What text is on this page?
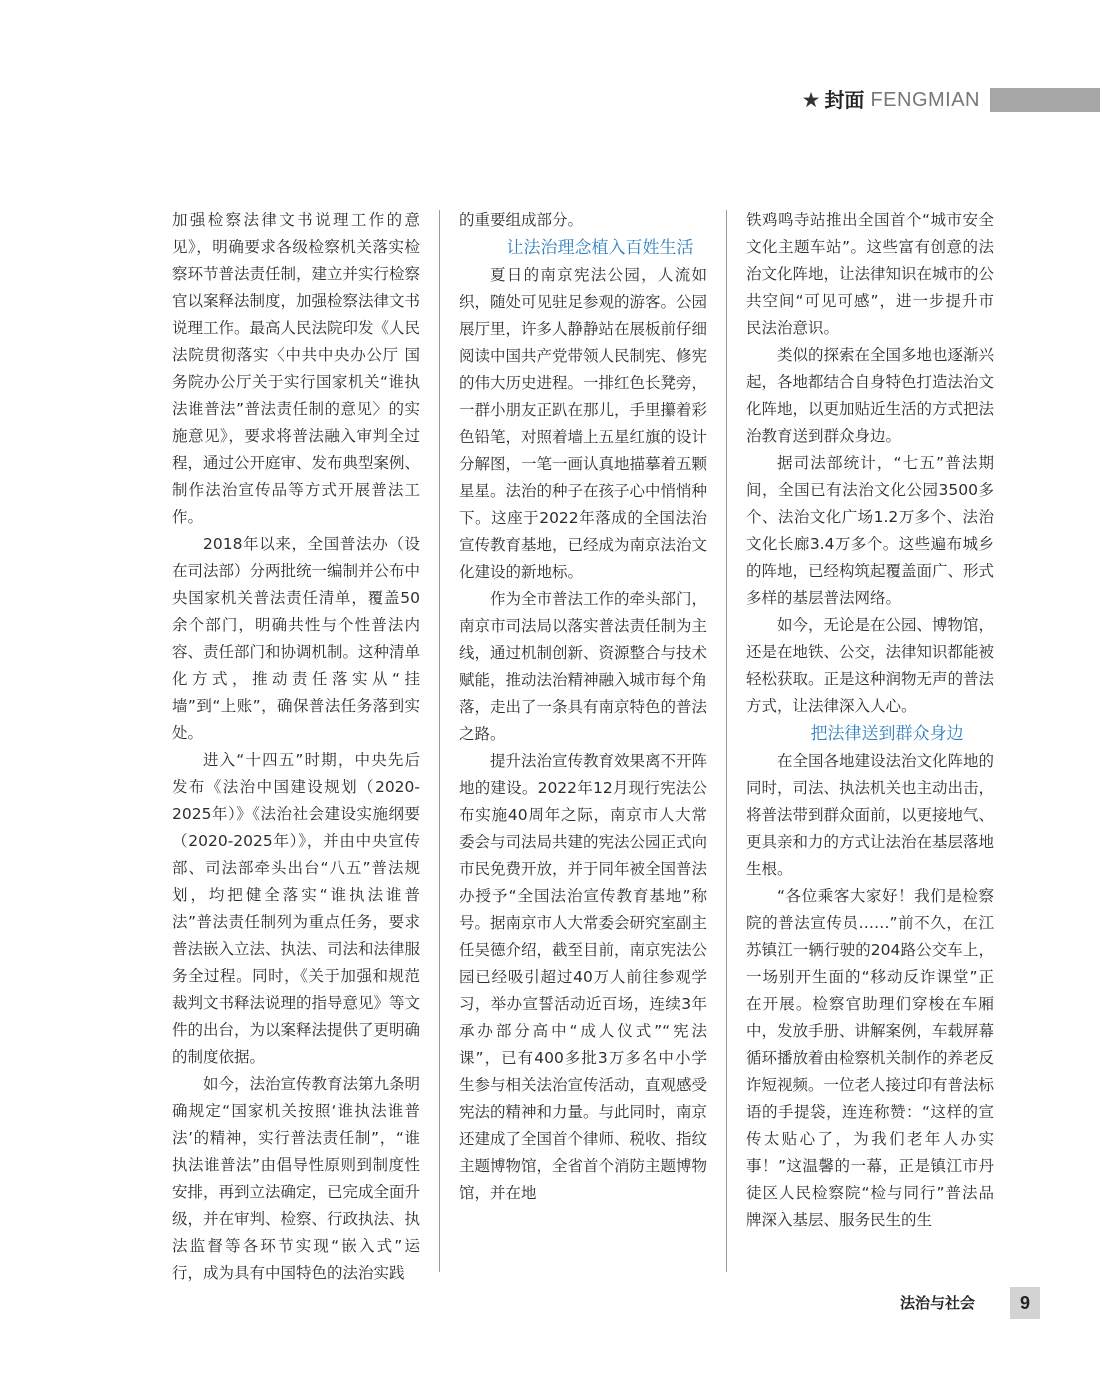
★ 封面 FENGMIAN

加强检察法律文书说理工作的意见》，明确要求各级检察机关落实检察环节普法责任制，建立并实行检察官以案释法制度，加强检察法律文书说理工作。最高人民法院印发《人民法院贯彻落实〈中共中央办公厅 国务院办公厅关于实行国家机关“谁执法谁普法”普法责任制的意见〉的实施意见》，要求将普法融入审判全过程，通过公开庭审、发布典型案例、制作法治宣传品等方式开展普法工作。

2018年以来，全国普法办（设在司法部）分两批统一编制并公布中央国家机关普法责任清单，覆盖50余个部门，明确共性与个性普法内容、责任部门和协调机制。这种清单化方式，推动责任落实从“挂墙”到“上账”，确保普法任务落到实处。

进入“十四五”时期，中央先后发布《法治中国建设规划（2020-2025年）》《法治社会建设实施纲要（2020-2025年）》，并由中央宣传部、司法部牵头出台“八五”普法规划，均把健全落实“谁执法谁普法”普法责任制列为重点任务，要求普法嵌入立法、执法、司法和法律服务全过程。同时，《关于加强和规范裁判文书释法说理的指导意见》等文件的出台，为以案释法提供了更明确的制度依据。

如今，法治宣传教育法第九条明确规定“国家机关按照‘谁执法谁普法’的精神，实行普法责任制”，“谁执法谁普法”由倡导性原则到制度性安排，再到立法确定，已完成全面升级，并在审判、检察、行政执法、执法监督等各环节实现“嵌入式”运行，成为具有中国特色的法治实践

的重要组成部分。

让法治理念植入百姓生活

夏日的南京宪法公园，人流如织，随处可见驻足参观的游客。公园展厅里，许多人静静站在展板前仔细阅读中国共产党带领人民制宪、修宪的伟大历史进程。一排红色长凳旁，一群小朋友正趴在那儿，手里攥着彩色铅笔，对照着墙上五星红旗的设计分解图，一笔一画认真地描摹着五颗星星。法治的种子在孩子心中悄悄种下。这座于2022年落成的全国法治宣传教育基地，已经成为南京法治文化建设的新地标。

作为全市普法工作的牵头部门，南京市司法局以落实普法责任制为主线，通过机制创新、资源整合与技术赋能，推动法治精神融入城市每个角落，走出了一条具有南京特色的普法之路。

提升法治宣传教育效果离不开阵地的建设。2022年12月现行宪法公布实施40周年之际，南京市人大常委会与司法局共建的宪法公园正式向市民免费开放，并于同年被全国普法办授予“全国法治宣传教育基地”称号。据南京市人大常委会研究室副主任吴德介绍，截至目前，南京宪法公园已经吸引超过40万人前往参观学习，举办宣誓活动近百场，连续3年承办部分高中“成人仪式”“宪法课”，已有400多批3万多名中小学生参与相关法治宣传活动，直观感受宪法的精神和力量。与此同时，南京还建成了全国首个律师、税收、指纹主题博物馆，全省首个消防主题博物馆，并在地

铁鸡鸣寺站推出全国首个“城市安全文化主题车站”。这些富有创意的法治文化阵地，让法律知识在城市的公共空间“可见可感”，进一步提升市民法治意识。

类似的探索在全国多地也逐渐兴起，各地都结合自身特色打造法治文化阵地，以更加贴近生活的方式把法治教育送到群众身边。

据司法部统计，“七五”普法期间，全国已有法治文化公园3500多个、法治文化广场1.2万多个、法治文化长廊3.4万多个。这些遍布城乡的阵地，已经构筑起覆盖面广、形式多样的基层普法网络。

如今，无论是在公园、博物馆，还是在地铁、公交，法律知识都能被轻松获取。正是这种润物无声的普法方式，让法律深入人心。

把法律送到群众身边

在全国各地建设法治文化阵地的同时，司法、执法机关也主动出击，将普法带到群众面前，以更接地气、更具亲和力的方式让法治在基层落地生根。

“各位乘客大家好！我们是检察院的普法宣传员……”前不久，在江苏镇江一辆行驶的204路公交车上，一场别开生面的“移动反诈课堂”正在开展。检察官助理们穿梭在车厢中，发放手册、讲解案例，车载屏幕循环播放着由检察机关制作的养老反诈短视频。一位老人接过印有普法标语的手提袋，连连称赞：“这样的宣传太贴心了，为我们老年人办实事！”这温馨的一幕，正是镇江市丹徒区人民检察院“检与同行”普法品牌深入基层、服务民生的生

法治与社会	9
